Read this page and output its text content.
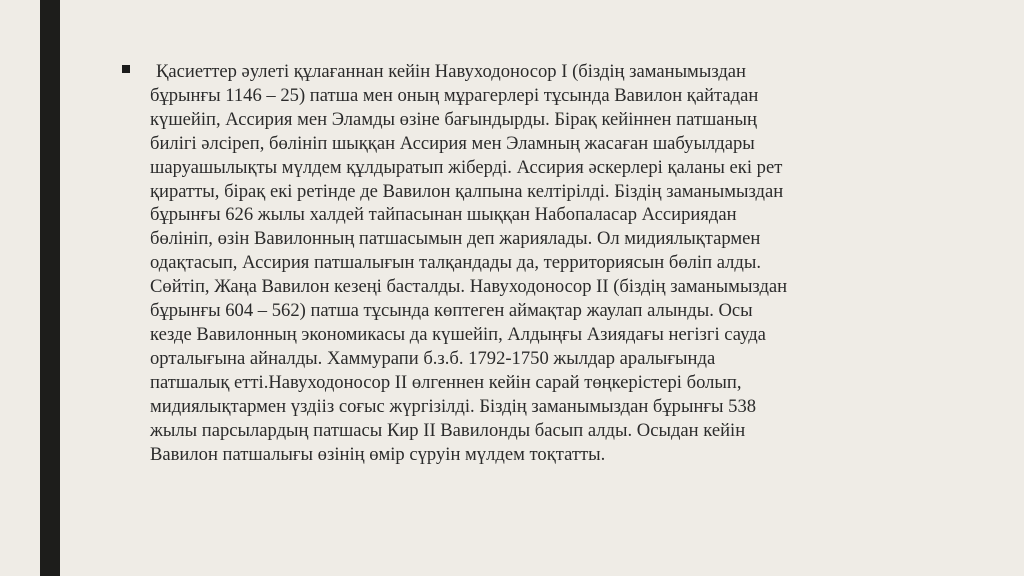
Қасиеттер әулеті құлағаннан кейін Навуходоносор І (біздің заманымыздан
бұрынғы 1146 – 25) патша мен оның мұрагерлері тұсында Вавилон қайтадан
күшейіп, Ассирия мен Эламды өзіне бағындырды. Бірақ кейіннен патшаның
билігі әлсіреп, бөлініп шыққан Ассирия мен Эламның жасаған шабуылдары
шаруашылықты мүлдем құлдыратып жіберді. Ассирия әскерлері қаланы екі рет
қиратты, бірақ екі ретінде де Вавилон қалпына келтірілді. Біздің заманымыздан
бұрынғы 626 жылы халдей тайпасынан шыққан Набопаласар Ассириядан
бөлініп, өзін Вавилонның патшасымын деп жариялады. Ол мидиялықтармен
одақтасып, Ассирия патшалығын талқандады да, территориясын бөліп алды.
Сөйтіп, Жаңа Вавилон кезеңі басталды. Навуходоносор ІІ (біздің заманымыздан
бұрынғы 604 – 562) патша тұсында көптеген аймақтар жаулап алынды. Осы
кезде Вавилонның экономикасы да күшейіп, Алдыңғы Азиядағы негізгі сауда
орталығына айналды. Хаммурапи б.з.б. 1792-1750 жылдар аралығында
патшалық етті.Навуходоносор ІІ өлгеннен кейін сарай төңкерістері болып,
мидиялықтармен үздііз соғыс жүргізілді. Біздің заманымыздан бұрынғы 538
жылы парсылардың патшасы Кир ІІ Вавилонды басып алды. Осыдан кейін
Вавилон патшалығы өзінің өмір сүруін мүлдем тоқтатты.
